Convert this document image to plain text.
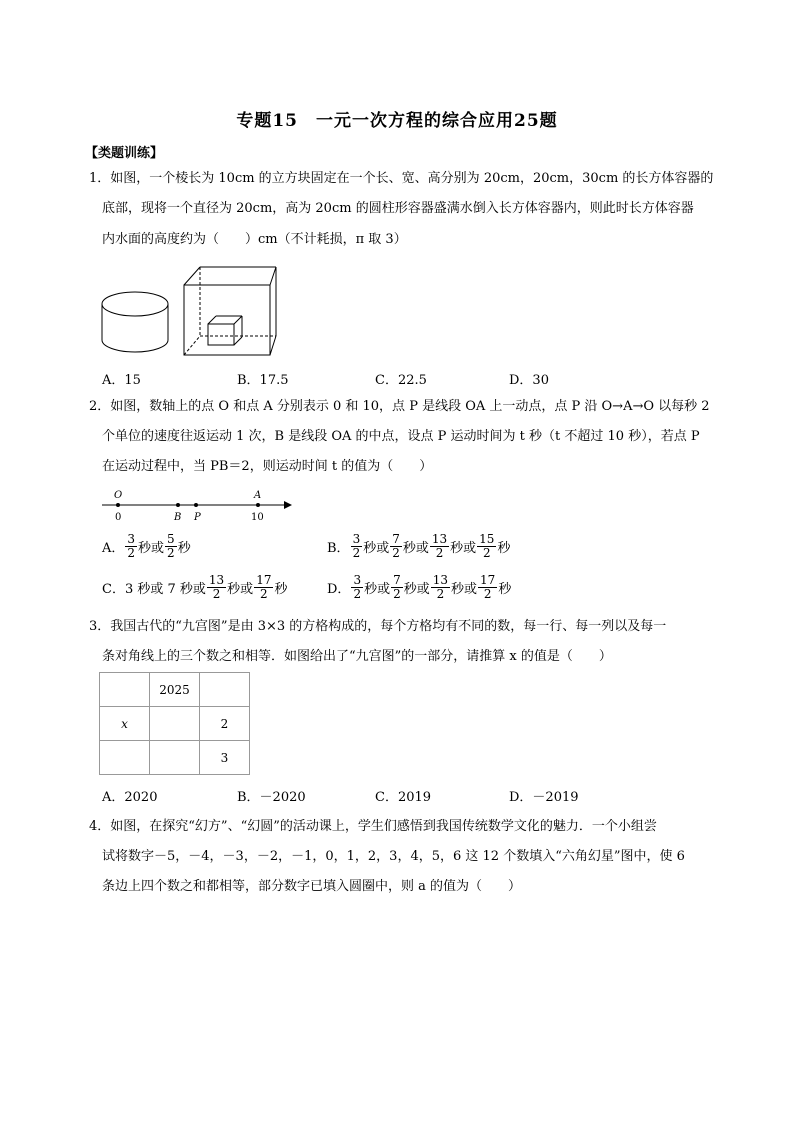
专题15　一元一次方程的综合应用25题
【类题训练】
1．如图，一个棱长为 10cm 的立方块固定在一个长、宽、高分别为 20cm，20cm，30cm 的长方体容器的
底部，现将一个直径为 20cm，高为 20cm 的圆柱形容器盛满水倒入长方体容器内，则此时长方体容器
内水面的高度约为（　　）cm（不计耗损，π 取 3）
A．15	B．17.5	C．22.5	D．30
2．如图，数轴上的点 O 和点 A 分别表示 0 和 10，点 P 是线段 OA 上一动点，点 P 沿 O→A→O 以每秒 2
个单位的速度往返运动 1 次，B 是线段 OA 的中点，设点 P 运动时间为 t 秒（t 不超过 10 秒），若点 P
在运动过程中，当 PB＝2，则运动时间 t 的值为（　　）
O	A
0	B P	10
A． $\frac{3}{2}$ 秒或 $\frac{5}{2}$ 秒	B． $\frac{3}{2}$ 秒或 $\frac{7}{2}$ 秒或 $\frac{13}{2}$ 秒或 $\frac{15}{2}$ 秒
C．3 秒或 7 秒或 $\frac{13}{2}$ 秒或 $\frac{17}{2}$ 秒	D． $\frac{3}{2}$ 秒或 $\frac{7}{2}$ 秒或 $\frac{13}{2}$ 秒或 $\frac{17}{2}$ 秒
3．我国古代的“九宫图”是由 3×3 的方格构成的，每个方格均有不同的数，每一行、每一列以及每一
条对角线上的三个数之和相等．如图给出了“九宫图”的一部分，请推算 x 的值是（　　）
	2025	
x		2
		3
A．2020	B．－2020	C．2019	D．－2019
4．如图，在探究“幻方”、“幻圆”的活动课上，学生们感悟到我国传统数学文化的魅力．一个小组尝
试将数字－5，－4，－3，－2，－1，0，1，2，3，4，5，6 这 12 个数填入“六角幻星”图中，使 6
条边上四个数之和都相等，部分数字已填入圆圈中，则 a 的值为（　　）
